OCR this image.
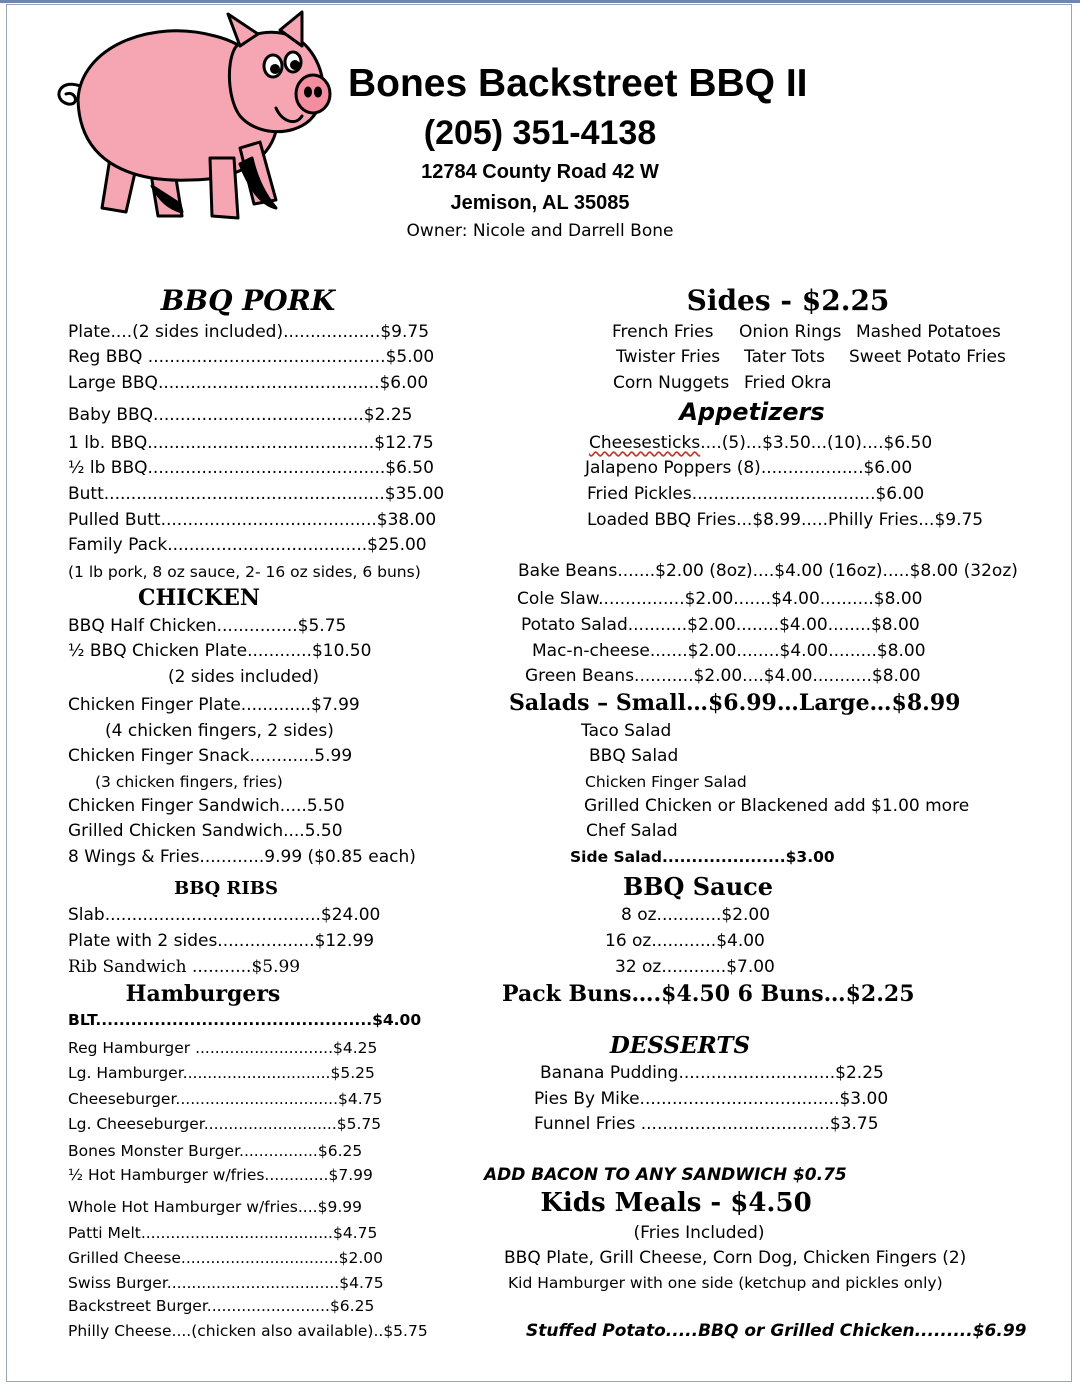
Bones Backstreet BBQ II
(205) 351-4138
12784 County Road 42 W
Jemison, AL 35085
Owner: Nicole and Darrell Bone
BBQ PORK
Plate....(2 sides included)..................$9.75
Reg BBQ ............................................$5.00
Large BBQ.........................................$6.00
Baby BBQ.......................................$2.25
1 lb. BBQ..........................................$12.75
½ lb BBQ............................................$6.50
Butt....................................................$35.00
Pulled Butt........................................$38.00
Family Pack.....................................$25.00
(1 lb pork, 8 oz sauce, 2- 16 oz sides, 6 buns)
CHICKEN
BBQ Half Chicken...............$5.75
½ BBQ Chicken Plate............$10.50
(2 sides included)
Chicken Finger Plate.............$7.99
(4 chicken fingers, 2 sides)
Chicken Finger Snack............5.99
(3 chicken fingers, fries)
Chicken Finger Sandwich.....5.50
Grilled Chicken Sandwich....5.50
8 Wings & Fries............9.99 ($0.85 each)
BBQ RIBS
Slab........................................$24.00
Plate with 2 sides..................$12.99
Rib Sandwich ...........$5.99
Hamburgers
BLT...............................................$4.00
Reg Hamburger ............................$4.25
Lg. Hamburger..............................$5.25
Cheeseburger.................................$4.75
Lg. Cheeseburger...........................$5.75
Bones Monster Burger................$6.25
½ Hot Hamburger w/fries.............$7.99
Whole Hot Hamburger w/fries....$9.99
Patti Melt.......................................$4.75
Grilled Cheese................................$2.00
Swiss Burger...................................$4.75
Backstreet Burger.........................$6.25
Philly Cheese....(chicken also available)..$5.75
Sides - $2.25
French Fries Onion Rings Mashed Potatoes
Twister Fries Tater Tots Sweet Potato Fries
Corn Nuggets Fried Okra
Appetizers
Cheesesticks....(5)...$3.50...(10)....$6.50
Jalapeno Poppers (8)...................$6.00
Fried Pickles..................................$6.00
Loaded BBQ Fries...$8.99.....Philly Fries...$9.75
Bake Beans.......$2.00 (8oz)....$4.00 (16oz).....$8.00 (32oz)
Cole Slaw................$2.00.......$4.00..........$8.00
Potato Salad...........$2.00........$4.00........$8.00
Mac-n-cheese.......$2.00........$4.00.........$8.00
Green Beans...........$2.00....$4.00...........$8.00
Salads – Small…$6.99…Large…$8.99
Taco Salad
BBQ Salad
Chicken Finger Salad
Grilled Chicken or Blackened add $1.00 more
Chef Salad
Side Salad.....................$3.00
BBQ Sauce
8 oz............$2.00
16 oz............$4.00
32 oz............$7.00
Pack Buns….$4.50 6 Buns…$2.25
DESSERTS
Banana Pudding.............................$2.25
Pies By Mike.....................................$3.00
Funnel Fries ...................................$3.75
ADD BACON TO ANY SANDWICH $0.75
Kids Meals - $4.50
(Fries Included)
BBQ Plate, Grill Cheese, Corn Dog, Chicken Fingers (2)
Kid Hamburger with one side (ketchup and pickles only)
Stuffed Potato.....BBQ or Grilled Chicken.........$6.99
